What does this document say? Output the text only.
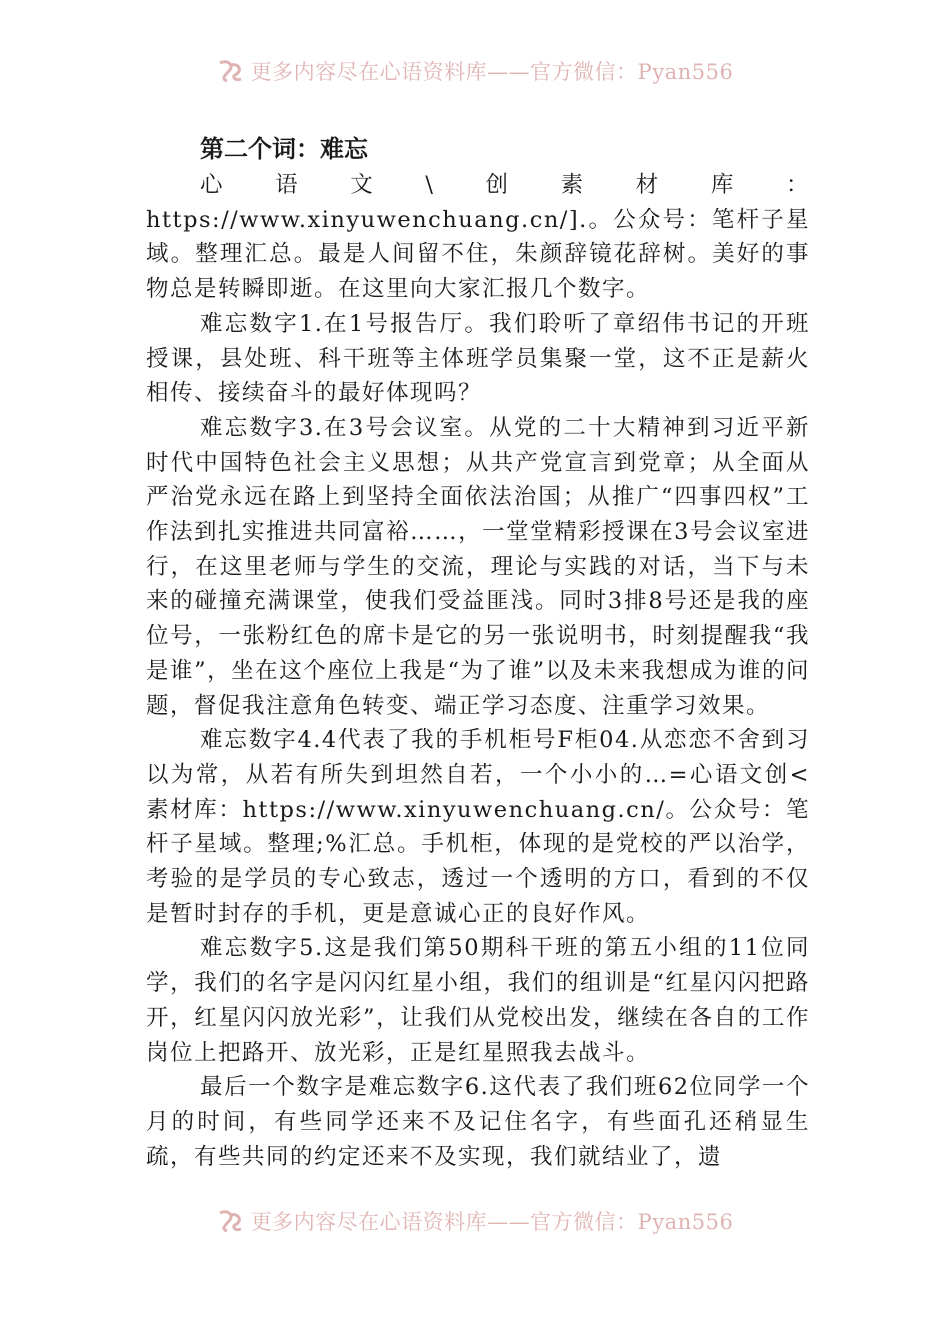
更多内容尽在心语资料库——官方微信：Pyan556
第二个词：难忘

心语文\创素材库：https://www.xinyuwenchuang.cn/].。公众号：笔杆子星域。整理汇总。最是人间留不住，朱颜辞镜花辞树。美好的事物总是转瞬即逝。在这里向大家汇报几个数字。

难忘数字1.在1号报告厅。我们聆听了章绍伟书记的开班授课，县处班、科干班等主体班学员集聚一堂，这不正是薪火相传、接续奋斗的最好体现吗？

难忘数字3.在3号会议室。从党的二十大精神到习近平新时代中国特色社会主义思想；从共产党宣言到党章；从全面从严治党永远在路上到坚持全面依法治国；从推广“四事四权”工作法到扎实推进共同富裕……，一堂堂精彩授课在3号会议室进行，在这里老师与学生的交流，理论与实践的对话，当下与未来的碰撞充满课堂，使我们受益匪浅。同时3排8号还是我的座位号，一张粉红色的席卡是它的另一张说明书，时刻提醒我“我是谁”，坐在这个座位上我是“为了谁”以及未来我想成为谁的问题，督促我注意角色转变、端正学习态度、注重学习效果。

难忘数字4.4代表了我的手机柜号F柜04.从恋恋不舍到习以为常，从若有所失到坦然自若，一个小小的…=心语文创<素材库：https://www.xinyuwenchuang.cn/。公众号：笔杆子星域。整理;%汇总。手机柜，体现的是党校的严以治学，考验的是学员的专心致志，透过一个透明的方口，看到的不仅是暂时封存的手机，更是意诚心正的良好作风。

难忘数字5.这是我们第50期科干班的第五小组的11位同学，我们的名字是闪闪红星小组，我们的组训是“红星闪闪把路开，红星闪闪放光彩”，让我们从党校出发，继续在各自的工作岗位上把路开、放光彩，正是红星照我去战斗。

最后一个数字是难忘数字6.这代表了我们班62位同学一个月的时间，有些同学还来不及记住名字，有些面孔还稍显生疏，有些共同的约定还来不及实现，我们就结业了，遗

更多内容尽在心语资料库——官方微信：Pyan556
